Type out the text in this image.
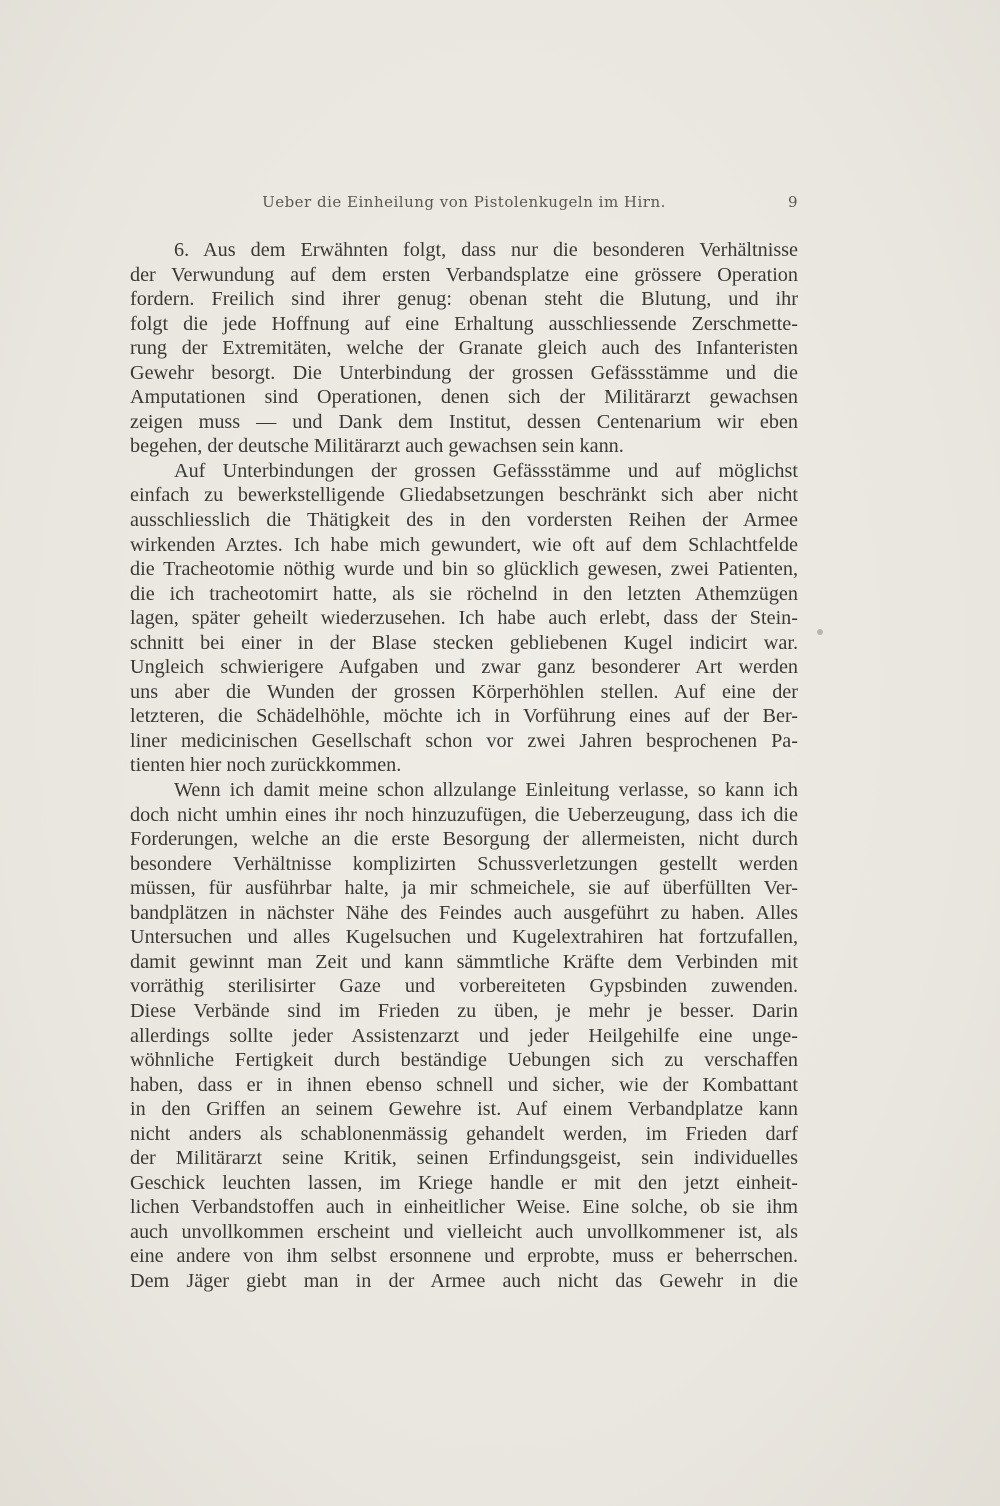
Ueber die Einheilung von Pistolenkugeln im Hirn.	9
6. Aus dem Erwähnten folgt, dass nur die besonderen Verhältnisse
der Verwundung auf dem ersten Verbandsplatze eine grössere Operation
fordern. Freilich sind ihrer genug: obenan steht die Blutung, und ihr
folgt die jede Hoffnung auf eine Erhaltung ausschliessende Zerschmette-
rung der Extremitäten, welche der Granate gleich auch des Infanteristen
Gewehr besorgt. Die Unterbindung der grossen Gefässstämme und die
Amputationen sind Operationen, denen sich der Militärarzt gewachsen
zeigen muss — und Dank dem Institut, dessen Centenarium wir eben
begehen, der deutsche Militärarzt auch gewachsen sein kann.
Auf Unterbindungen der grossen Gefässstämme und auf möglichst
einfach zu bewerkstelligende Gliedabsetzungen beschränkt sich aber nicht
ausschliesslich die Thätigkeit des in den vordersten Reihen der Armee
wirkenden Arztes. Ich habe mich gewundert, wie oft auf dem Schlachtfelde
die Tracheotomie nöthig wurde und bin so glücklich gewesen, zwei Patienten,
die ich tracheotomirt hatte, als sie röchelnd in den letzten Athemzügen
lagen, später geheilt wiederzusehen. Ich habe auch erlebt, dass der Stein-
schnitt bei einer in der Blase stecken gebliebenen Kugel indicirt war.
Ungleich schwierigere Aufgaben und zwar ganz besonderer Art werden
uns aber die Wunden der grossen Körperhöhlen stellen. Auf eine der
letzteren, die Schädelhöhle, möchte ich in Vorführung eines auf der Ber-
liner medicinischen Gesellschaft schon vor zwei Jahren besprochenen Pa-
tienten hier noch zurückkommen.
Wenn ich damit meine schon allzulange Einleitung verlasse, so kann ich
doch nicht umhin eines ihr noch hinzuzufügen, die Ueberzeugung, dass ich die
Forderungen, welche an die erste Besorgung der allermeisten, nicht durch
besondere Verhältnisse komplizirten Schussverletzungen gestellt werden
müssen, für ausführbar halte, ja mir schmeichele, sie auf überfüllten Ver-
bandplätzen in nächster Nähe des Feindes auch ausgeführt zu haben. Alles
Untersuchen und alles Kugelsuchen und Kugelextrahiren hat fortzufallen,
damit gewinnt man Zeit und kann sämmtliche Kräfte dem Verbinden mit
vorräthig sterilisirter Gaze und vorbereiteten Gypsbinden zuwenden.
Diese Verbände sind im Frieden zu üben, je mehr je besser. Darin
allerdings sollte jeder Assistenzarzt und jeder Heilgehilfe eine unge-
wöhnliche Fertigkeit durch beständige Uebungen sich zu verschaffen
haben, dass er in ihnen ebenso schnell und sicher, wie der Kombattant
in den Griffen an seinem Gewehre ist. Auf einem Verbandplatze kann
nicht anders als schablonenmässig gehandelt werden, im Frieden darf
der Militärarzt seine Kritik, seinen Erfindungsgeist, sein individuelles
Geschick leuchten lassen, im Kriege handle er mit den jetzt einheit-
lichen Verbandstoffen auch in einheitlicher Weise. Eine solche, ob sie ihm
auch unvollkommen erscheint und vielleicht auch unvollkommener ist, als
eine andere von ihm selbst ersonnene und erprobte, muss er beherrschen.
Dem Jäger giebt man in der Armee auch nicht das Gewehr in die
